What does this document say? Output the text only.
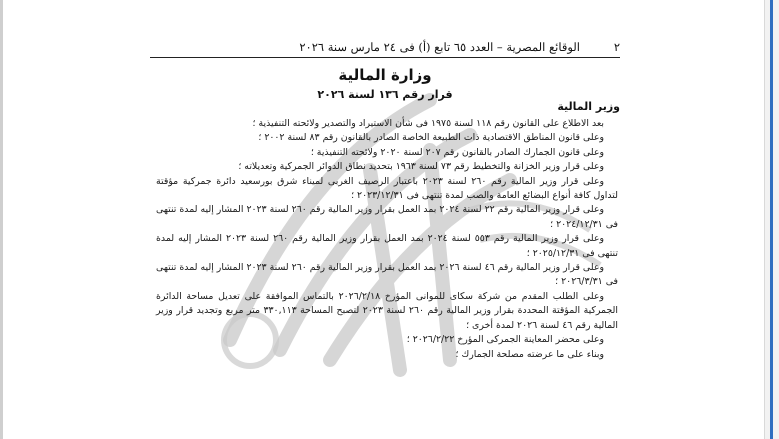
٢
الوقائع المصرية – العدد ٦٥ تابع (أ) فى ٢٤ مارس سنة ٢٠٢٦
وزارة المالية
قرار رقم ١٣٦ لسنة ٢٠٢٦
وزير المالية

بعد الاطلاع على القانون رقم ١١٨ لسنة ١٩٧٥ فى شأن الاستيراد والتصدير ولائحته التنفيذية ؛

وعلى قانون المناطق الاقتصادية ذات الطبيعة الخاصة الصادر بالقانون رقم ٨٣ لسنة ٢٠٠٢ ؛

وعلى قانون الجمارك الصادر بالقانون رقم ٢٠٧ لسنة ٢٠٢٠ ولائحته التنفيذية ؛

وعلى قرار وزير الخزانة والتخطيط رقم ٧٣ لسنة ١٩٦٣ بتحديد نطاق الدوائر الجمركية وتعديلاته ؛

وعلى قرار وزير المالية رقم ٢٦٠ لسنة ٢٠٢٣ باعتبار الرصيف الغربى لميناء شرق بورسعيد دائرة جمركية مؤقتة لتداول كافة أنواع البضائع العامة والصب لمدة تنتهى فى ٢٠٢٣/١٢/٣١ ؛

وعلى قرار وزير المالية رقم ٢٢ لسنة ٢٠٢٤ بمد العمل بقرار وزير المالية رقم ٢٦٠ لسنة ٢٠٢٣ المشار إليه لمدة تنتهى فى ٢٠٢٤/١٢/٣١ ؛

وعلى قرار وزير المالية رقم ٥٥٣ لسنة ٢٠٢٤ بمد العمل بقرار وزير المالية رقم ٢٦٠ لسنة ٢٠٢٣ المشار إليه لمدة تنتهى فى ٢٠٢٥/١٢/٣١ ؛

وعلى قرار وزير المالية رقم ٤٦ لسنة ٢٠٢٦ بمد العمل بقرار وزير المالية رقم ٢٦٠ لسنة ٢٠٢٣ المشار إليه لمدة تنتهى فى ٢٠٢٦/٣/٣١ ؛

وعلى الطلب المقدم من شركة سكاى للموانى المؤرخ ٢٠٢٦/٢/١٨ بالتماس الموافقة على تعديل مساحة الدائرة الجمركية المؤقتة المحددة بقرار وزير المالية رقم ٢٦٠ لسنة ٢٠٢٣ لتصبح المساحة ٣٣٠,١١٣ متر مربع وتجديد قرار وزير المالية رقم ٤٦ لسنة ٢٠٢٦ لمدة أخرى ؛

وعلى محضر المعاينة الجمركى المؤرخ ٢٠٢٦/٢/٢٢ ؛

وبناء على ما عرضته مصلحة الجمارك ؛
